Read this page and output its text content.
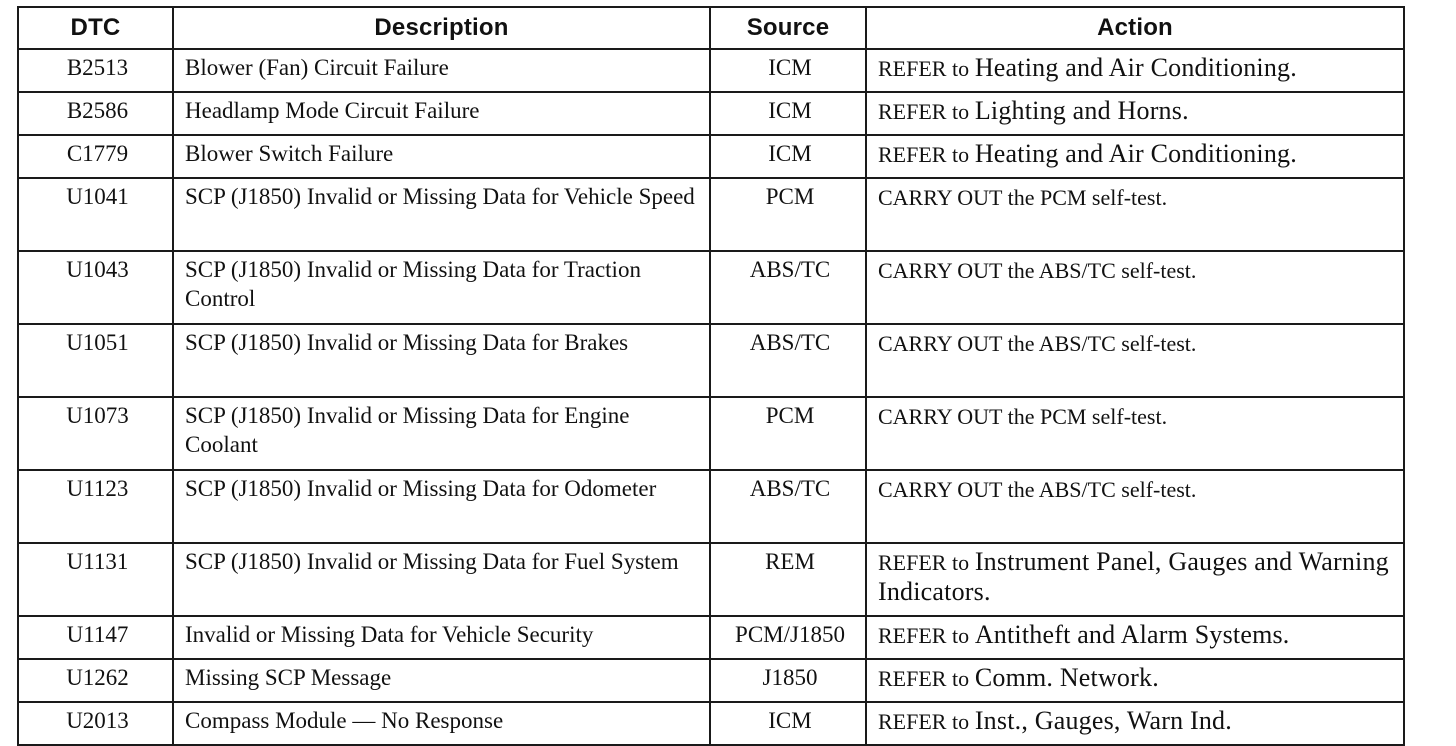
DTC	Description	Source	Action
B2513	Blower (Fan) Circuit Failure	ICM	REFER to Heating and Air Conditioning.
B2586	Headlamp Mode Circuit Failure	ICM	REFER to Lighting and Horns.
C1779	Blower Switch Failure	ICM	REFER to Heating and Air Conditioning.
U1041	SCP (J1850) Invalid or Missing Data for Vehicle Speed	PCM	CARRY OUT the PCM self-test.
U1043	SCP (J1850) Invalid or Missing Data for Traction Control	ABS/TC	CARRY OUT the ABS/TC self-test.
U1051	SCP (J1850) Invalid or Missing Data for Brakes	ABS/TC	CARRY OUT the ABS/TC self-test.
U1073	SCP (J1850) Invalid or Missing Data for Engine Coolant	PCM	CARRY OUT the PCM self-test.
U1123	SCP (J1850) Invalid or Missing Data for Odometer	ABS/TC	CARRY OUT the ABS/TC self-test.
U1131	SCP (J1850) Invalid or Missing Data for Fuel System	REM	REFER to Instrument Panel, Gauges and Warning Indicators.
U1147	Invalid or Missing Data for Vehicle Security	PCM/J1850	REFER to Antitheft and Alarm Systems.
U1262	Missing SCP Message	J1850	REFER to Comm. Network.
U2013	Compass Module — No Response	ICM	REFER to Inst., Gauges, Warn Ind.
